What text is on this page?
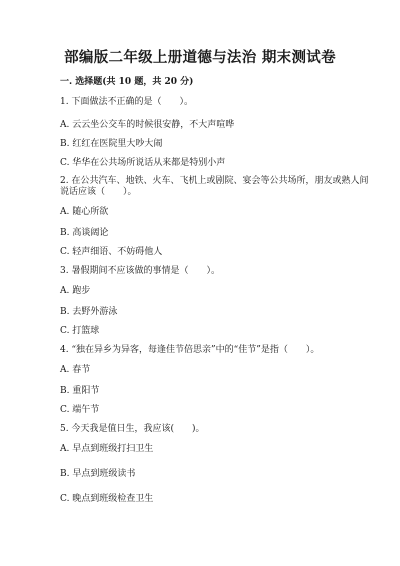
部编版二年级上册道德与法治 期末测试卷
一. 选择题(共 10 题，共 20 分)
1. 下面做法不正确的是（　　）。
A. 云云坐公交车的时候很安静，不大声喧哗
B. 红红在医院里大吵大闹
C. 华华在公共场所说话从来都是特别小声
2. 在公共汽车、地铁、火车、飞机上或剧院、宴会等公共场所，朋友或熟人间
说话应该（　　）。
A. 随心所欲
B. 高谈阔论
C. 轻声细语、不妨碍他人
3. 暑假期间不应该做的事情是（　　）。
A. 跑步
B. 去野外游泳
C. 打篮球
4. “独在异乡为异客，每逢佳节倍思亲”中的“佳节”是指（　　）。
A. 春节
B. 重阳节
C. 端午节
5. 今天我是值日生，我应该(　　)。
A. 早点到班级打扫卫生
B. 早点到班级读书
C. 晚点到班级检查卫生
